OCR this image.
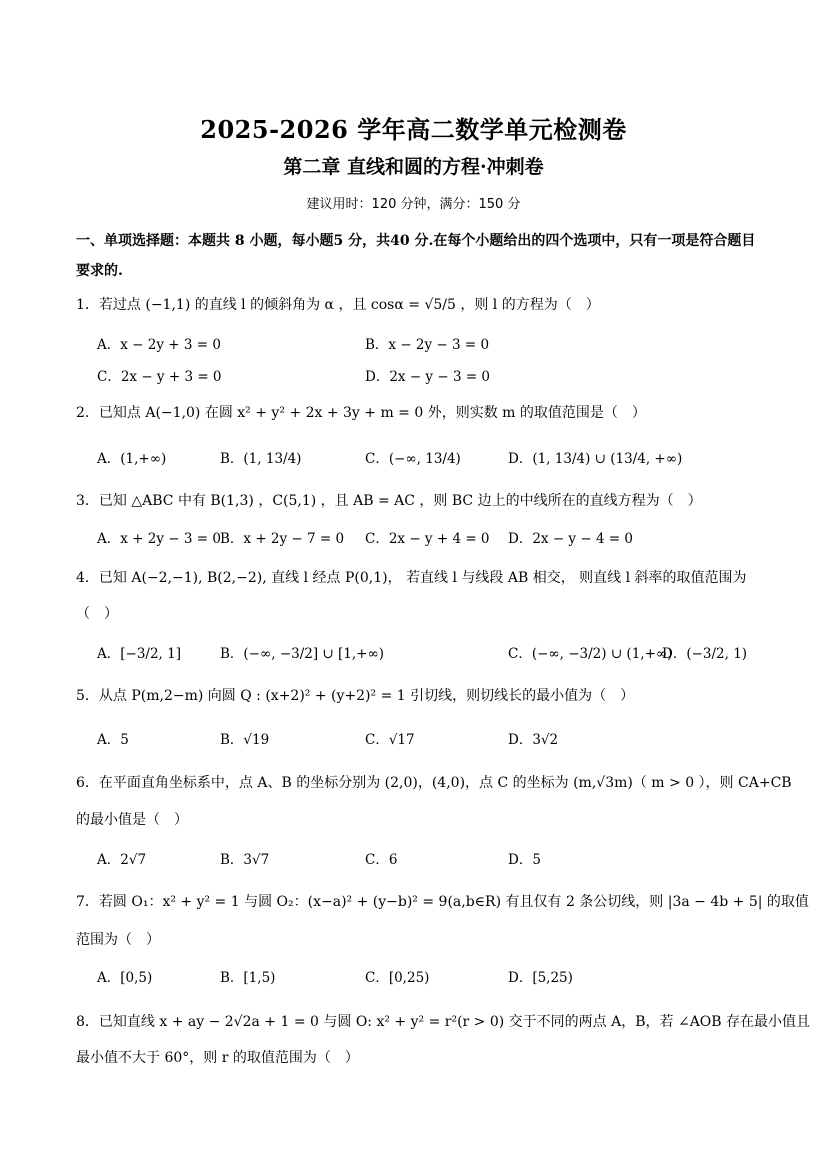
2025-2026 学年高二数学单元检测卷
第二章 直线和圆的方程·冲刺卷
建议用时：120 分钟，满分：150 分
一、单项选择题：本题共 8 小题，每小题5 分，共40 分.在每个小题给出的四个选项中，只有一项是符合题目要求的.
1．若过点 (−1,1) 的直线 l 的倾斜角为 α ，且 cosα = √5/5 ，则 l 的方程为（　）
A．x − 2y + 3 = 0	B．x − 2y − 3 = 0
C．2x − y + 3 = 0	D．2x − y − 3 = 0
2．已知点 A(−1,0) 在圆 x² + y² + 2x + 3y + m = 0 外，则实数 m 的取值范围是（　）
A．(1,+∞)	B．(1, 13/4)	C．(−∞, 13/4)	D．(1, 13/4) ∪ (13/4, +∞)
3．已知 △ABC 中有 B(1,3) ，C(5,1) ，且 AB = AC ，则 BC 边上的中线所在的直线方程为（　）
A．x + 2y − 3 = 0 B．x + 2y − 7 = 0 C．2x − y + 4 = 0 D．2x − y − 4 = 0
4．已知 A(−2,−1), B(2,−2), 直线 l 经点 P(0,1)， 若直线 l 与线段 AB 相交， 则直线 l 斜率的取值范围为
（　）
A．[−3/2, 1]	B．(−∞, −3/2] ∪ [1,+∞)	C．(−∞, −3/2) ∪ (1,+∞)
D．(−3/2, 1)
5．从点 P(m,2−m) 向圆 Q : (x+2)² + (y+2)² = 1 引切线，则切线长的最小值为（　）
A．5	B．√19	C．√17	D．3√2
6．在平面直角坐标系中，点 A、B 的坐标分别为 (2,0)，(4,0)，点 C 的坐标为 (m,√3m)（ m > 0 ），则 CA+CB
的最小值是（　）
A．2√7	B．3√7	C．6	D．5
7．若圆 O₁：x² + y² = 1 与圆 O₂：(x−a)² + (y−b)² = 9(a,b∈R) 有且仅有 2 条公切线，则 |3a − 4b + 5| 的取值
范围为（　）
A．[0,5)	B．[1,5)	C．[0,25)	D．[5,25)
8．已知直线 x + ay − 2√2a + 1 = 0 与圆 O: x² + y² = r²(r > 0) 交于不同的两点 A，B，若 ∠AOB 存在最小值且
最小值不大于 60°，则 r 的取值范围为（　）
